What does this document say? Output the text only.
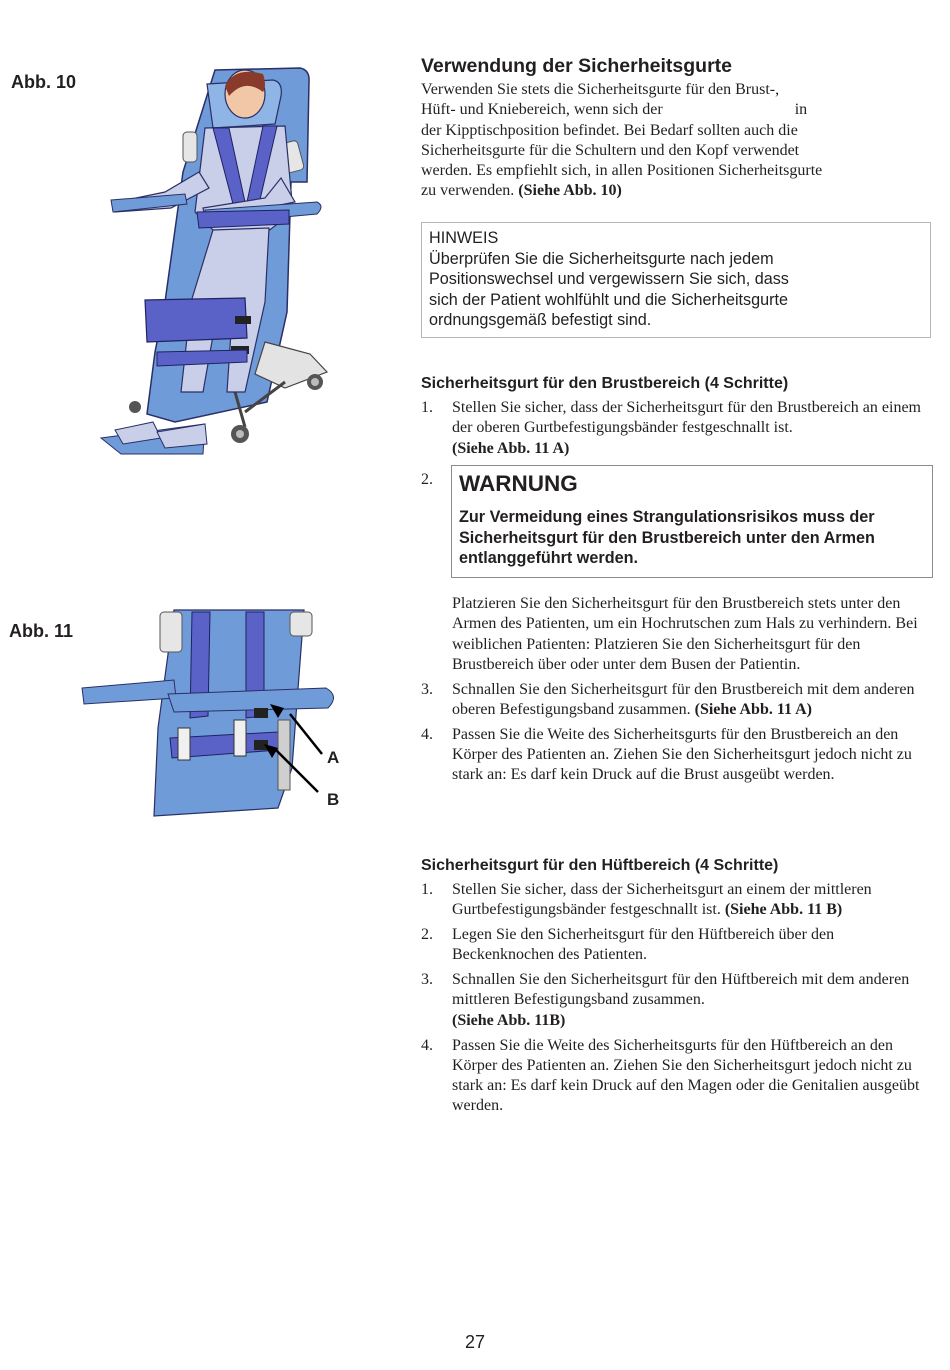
Abb. 10
Abb. 11
A
B
Verwendung der Sicherheitsgurte

Verwenden Sie stets die Sicherheitsgurte für den Brust-,
Hüft- und Kniebereich, wenn sich der	in
der Kipptischposition befindet. Bei Bedarf sollten auch die
Sicherheitsgurte für die Schultern und den Kopf verwendet
werden. Es empfiehlt sich, in allen Positionen Sicherheitsgurte
zu verwenden. (Siehe Abb. 10)

HINWEIS
Überprüfen Sie die Sicherheitsgurte nach jedem
Positionswechsel und vergewissern Sie sich, dass
sich der Patient wohlfühlt und die Sicherheitsgurte
ordnungsgemäß befestigt sind.
Sicherheitsgurt für den Brustbereich (4 Schritte)
1. Stellen Sie sicher, dass der Sicherheitsgurt für den Brustbereich an einem der oberen Gurtbefestigungsbänder festgeschnallt ist.
(Siehe Abb. 11 A)
2. WARNUNG
Zur Vermeidung eines Strangulationsrisikos muss der Sicherheitsgurt für den Brustbereich unter den Armen entlanggeführt werden.
Platzieren Sie den Sicherheitsgurt für den Brustbereich stets unter den Armen des Patienten, um ein Hochrutschen zum Hals zu verhindern. Bei weiblichen Patienten: Platzieren Sie den Sicherheitsgurt für den Brustbereich über oder unter dem Busen der Patientin.
3. Schnallen Sie den Sicherheitsgurt für den Brustbereich mit dem anderen oberen Befestigungsband zusammen. (Siehe Abb. 11 A)
4. Passen Sie die Weite des Sicherheitsgurts für den Brustbereich an den Körper des Patienten an. Ziehen Sie den Sicherheitsgurt jedoch nicht zu stark an: Es darf kein Druck auf die Brust ausgeübt werden.
Sicherheitsgurt für den Hüftbereich (4 Schritte)
1. Stellen Sie sicher, dass der Sicherheitsgurt an einem der mittleren Gurtbefestigungsbänder festgeschnallt ist. (Siehe Abb. 11 B)
2. Legen Sie den Sicherheitsgurt für den Hüftbereich über den Beckenknochen des Patienten.
3. Schnallen Sie den Sicherheitsgurt für den Hüftbereich mit dem anderen mittleren Befestigungsband zusammen.
(Siehe Abb. 11B)
4. Passen Sie die Weite des Sicherheitsgurts für den Hüftbereich an den Körper des Patienten an. Ziehen Sie den Sicherheitsgurt jedoch nicht zu stark an: Es darf kein Druck auf den Magen oder die Genitalien ausgeübt werden.
27
